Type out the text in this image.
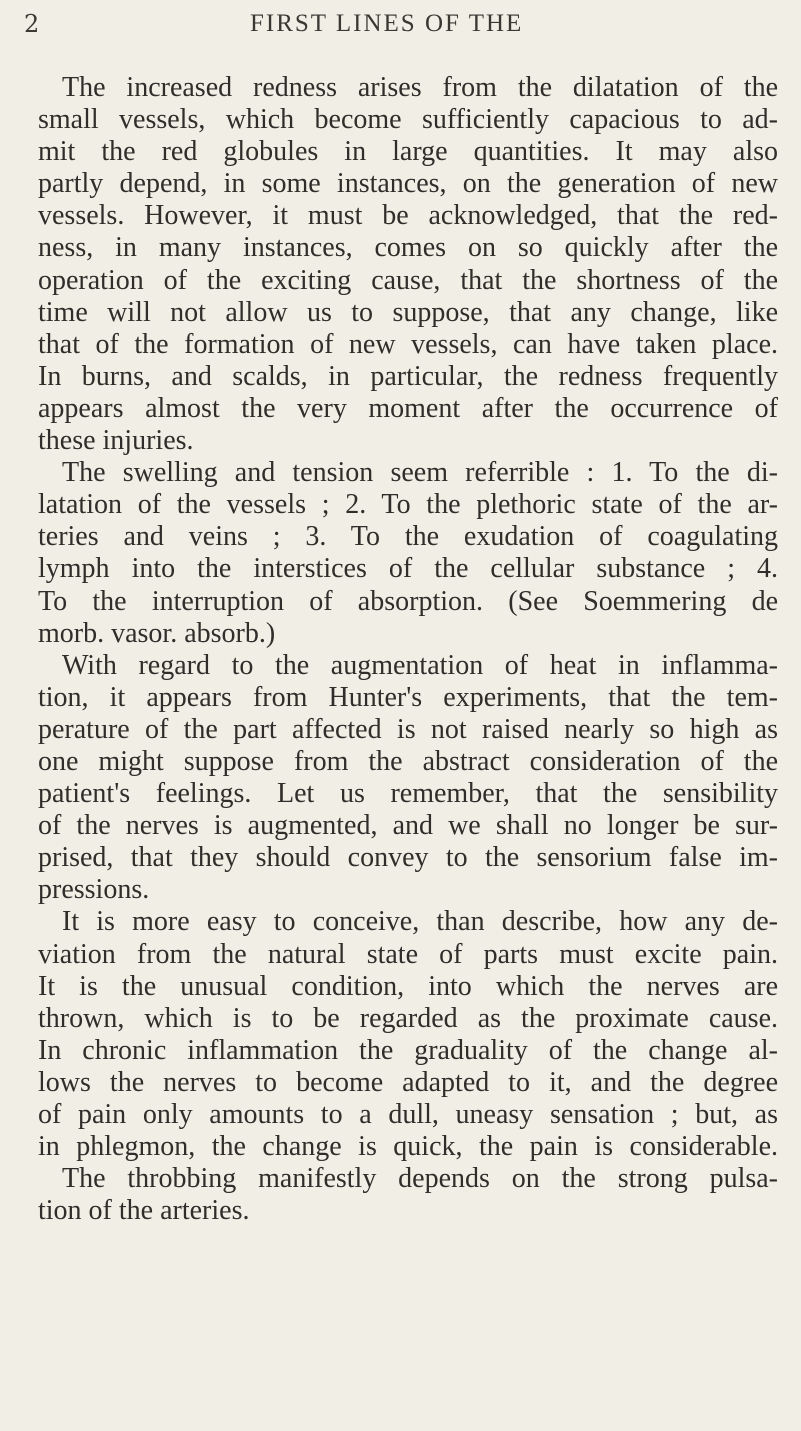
2	FIRST LINES OF THE
The increased redness arises from the dilatation of the
small vessels, which become sufficiently capacious to ad-
mit the red globules in large quantities. It may also
partly depend, in some instances, on the generation of new
vessels. However, it must be acknowledged, that the red-
ness, in many instances, comes on so quickly after the
operation of the exciting cause, that the shortness of the
time will not allow us to suppose, that any change, like
that of the formation of new vessels, can have taken place.
In burns, and scalds, in particular, the redness frequently
appears almost the very moment after the occurrence of
these injuries.
The swelling and tension seem referrible : 1. To the di-
latation of the vessels ; 2. To the plethoric state of the ar-
teries and veins ; 3. To the exudation of coagulating
lymph into the interstices of the cellular substance ; 4.
To the interruption of absorption. (See Soemmering de
morb. vasor. absorb.)
With regard to the augmentation of heat in inflamma-
tion, it appears from Hunter's experiments, that the tem-
perature of the part affected is not raised nearly so high as
one might suppose from the abstract consideration of the
patient's feelings. Let us remember, that the sensibility
of the nerves is augmented, and we shall no longer be sur-
prised, that they should convey to the sensorium false im-
pressions.
It is more easy to conceive, than describe, how any de-
viation from the natural state of parts must excite pain.
It is the unusual condition, into which the nerves are
thrown, which is to be regarded as the proximate cause.
In chronic inflammation the graduality of the change al-
lows the nerves to become adapted to it, and the degree
of pain only amounts to a dull, uneasy sensation ; but, as
in phlegmon, the change is quick, the pain is considerable.
The throbbing manifestly depends on the strong pulsa-
tion of the arteries.
